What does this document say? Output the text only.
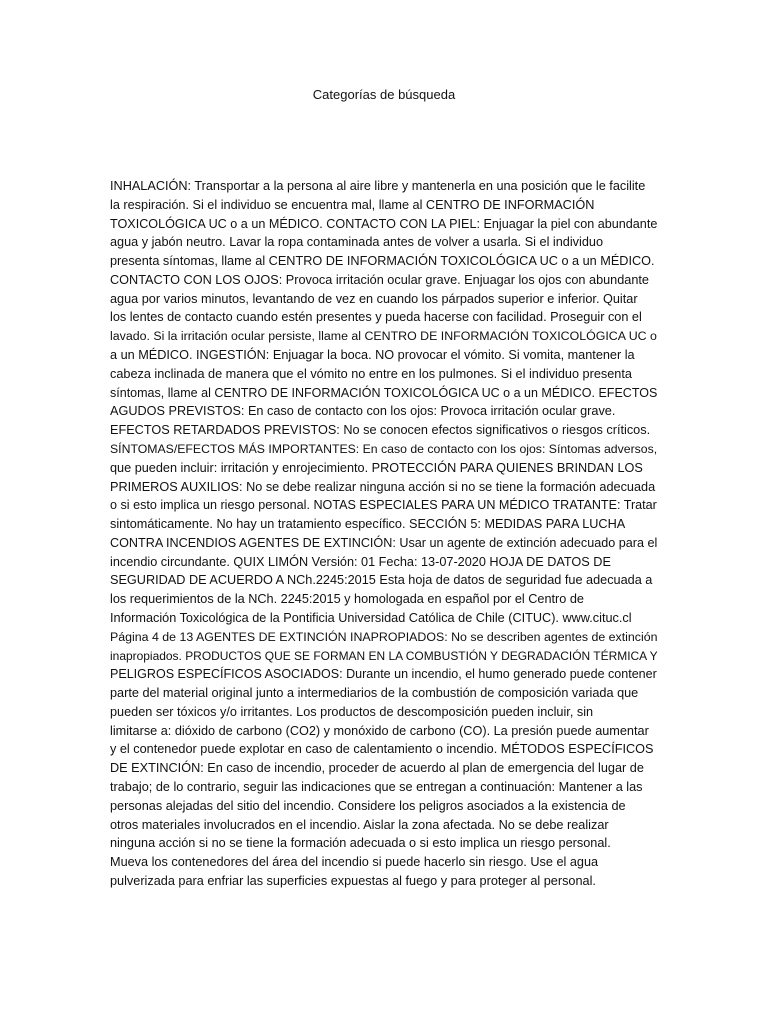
Categorías de búsqueda
INHALACIÓN: Transportar a la persona al aire libre y mantenerla en una posición que le facilite
la respiración. Si el individuo se encuentra mal, llame al CENTRO DE INFORMACIÓN
TOXICOLÓGICA UC o a un MÉDICO. CONTACTO CON LA PIEL: Enjuagar la piel con abundante
agua y jabón neutro. Lavar la ropa contaminada antes de volver a usarla. Si el individuo
presenta síntomas, llame al CENTRO DE INFORMACIÓN TOXICOLÓGICA UC o a un MÉDICO.
CONTACTO CON LOS OJOS: Provoca irritación ocular grave. Enjuagar los ojos con abundante
agua por varios minutos, levantando de vez en cuando los párpados superior e inferior. Quitar
los lentes de contacto cuando estén presentes y pueda hacerse con facilidad. Proseguir con el
lavado. Si la irritación ocular persiste, llame al CENTRO DE INFORMACIÓN TOXICOLÓGICA UC o
a un MÉDICO. INGESTIÓN: Enjuagar la boca. NO provocar el vómito. Si vomita, mantener la
cabeza inclinada de manera que el vómito no entre en los pulmones. Si el individuo presenta
síntomas, llame al CENTRO DE INFORMACIÓN TOXICOLÓGICA UC o a un MÉDICO. EFECTOS
AGUDOS PREVISTOS: En caso de contacto con los ojos: Provoca irritación ocular grave.
EFECTOS RETARDADOS PREVISTOS: No se conocen efectos significativos o riesgos críticos.
SÍNTOMAS/EFECTOS MÁS IMPORTANTES: En caso de contacto con los ojos: Síntomas adversos,
que pueden incluir: irritación y enrojecimiento. PROTECCIÓN PARA QUIENES BRINDAN LOS
PRIMEROS AUXILIOS: No se debe realizar ninguna acción si no se tiene la formación adecuada
o si esto implica un riesgo personal. NOTAS ESPECIALES PARA UN MÉDICO TRATANTE: Tratar
sintomáticamente. No hay un tratamiento específico. SECCIÓN 5: MEDIDAS PARA LUCHA
CONTRA INCENDIOS AGENTES DE EXTINCIÓN: Usar un agente de extinción adecuado para el
incendio circundante. QUIX LIMÓN Versión: 01 Fecha: 13-07-2020 HOJA DE DATOS DE
SEGURIDAD DE ACUERDO A NCh.2245:2015 Esta hoja de datos de seguridad fue adecuada a
los requerimientos de la NCh. 2245:2015 y homologada en español por el Centro de
Información Toxicológica de la Pontificia Universidad Católica de Chile (CITUC). www.cituc.cl
Página 4 de 13 AGENTES DE EXTINCIÓN INAPROPIADOS: No se describen agentes de extinción
inapropiados. PRODUCTOS QUE SE FORMAN EN LA COMBUSTIÓN Y DEGRADACIÓN TÉRMICA Y
PELIGROS ESPECÍFICOS ASOCIADOS: Durante un incendio, el humo generado puede contener
parte del material original junto a intermediarios de la combustión de composición variada que
pueden ser tóxicos y/o irritantes. Los productos de descomposición pueden incluir, sin
limitarse a: dióxido de carbono (CO2) y monóxido de carbono (CO). La presión puede aumentar
y el contenedor puede explotar en caso de calentamiento o incendio. MÉTODOS ESPECÍFICOS
DE EXTINCIÓN: En caso de incendio, proceder de acuerdo al plan de emergencia del lugar de
trabajo; de lo contrario, seguir las indicaciones que se entregan a continuación: Mantener a las
personas alejadas del sitio del incendio. Considere los peligros asociados a la existencia de
otros materiales involucrados en el incendio. Aislar la zona afectada. No se debe realizar
ninguna acción si no se tiene la formación adecuada o si esto implica un riesgo personal.
Mueva los contenedores del área del incendio si puede hacerlo sin riesgo. Use el agua
pulverizada para enfriar las superficies expuestas al fuego y para proteger al personal.
